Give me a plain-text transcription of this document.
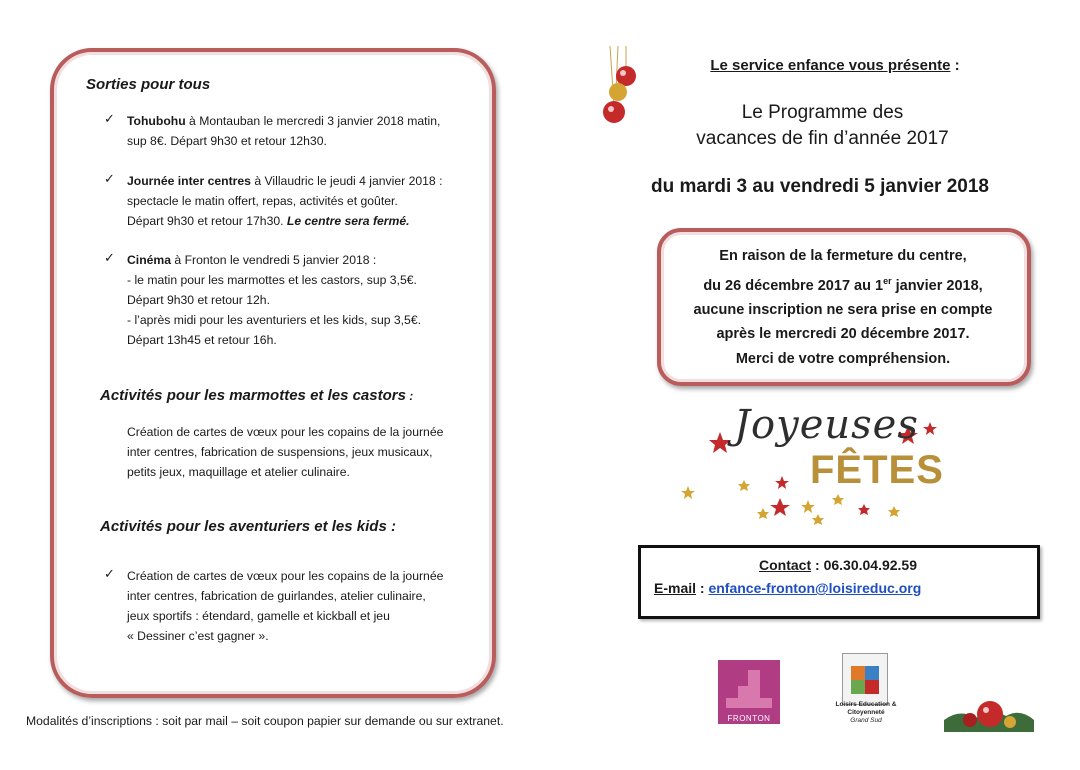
Sorties pour tous
✓ Tohubohu à Montauban le mercredi 3 janvier 2018 matin,
sup 8€. Départ 9h30 et retour 12h30.
✓ Journée inter centres à Villaudric le jeudi 4 janvier 2018 :
spectacle le matin offert, repas, activités et goûter.
Départ 9h30 et retour 17h30. Le centre sera fermé.
✓ Cinéma à Fronton le vendredi 5 janvier 2018 :
- le matin pour les marmottes et les castors, sup 3,5€.
Départ 9h30 et retour 12h.
- l’après midi pour les aventuriers et les kids, sup 3,5€.
Départ 13h45 et retour 16h.
Activités pour les marmottes et les castors :
Création de cartes de vœux pour les copains de la journée
inter centres, fabrication de suspensions, jeux musicaux,
petits jeux, maquillage et atelier culinaire.
Activités pour les aventuriers et les kids :
✓ Création de cartes de vœux pour les copains de la journée
inter centres, fabrication de guirlandes, atelier culinaire,
jeux sportifs : étendard, gamelle et kickball et jeu
« Dessiner c’est gagner ».
Modalités d’inscriptions : soit par mail – soit coupon papier sur demande ou sur extranet.
Le service enfance vous présente :
Le Programme des
vacances de fin d’année 2017
du mardi 3 au vendredi 5 janvier 2018
En raison de la fermeture du centre,
du 26 décembre 2017 au 1er janvier 2018,
aucune inscription ne sera prise en compte
après le mercredi 20 décembre 2017.
Merci de votre compréhension.
Joyeuses
FÊTES
Contact : 06.30.04.92.59
E-mail : enfance-fronton@loisireduc.org
FRONTON
Loisirs Education & Citoyenneté
Grand Sud
